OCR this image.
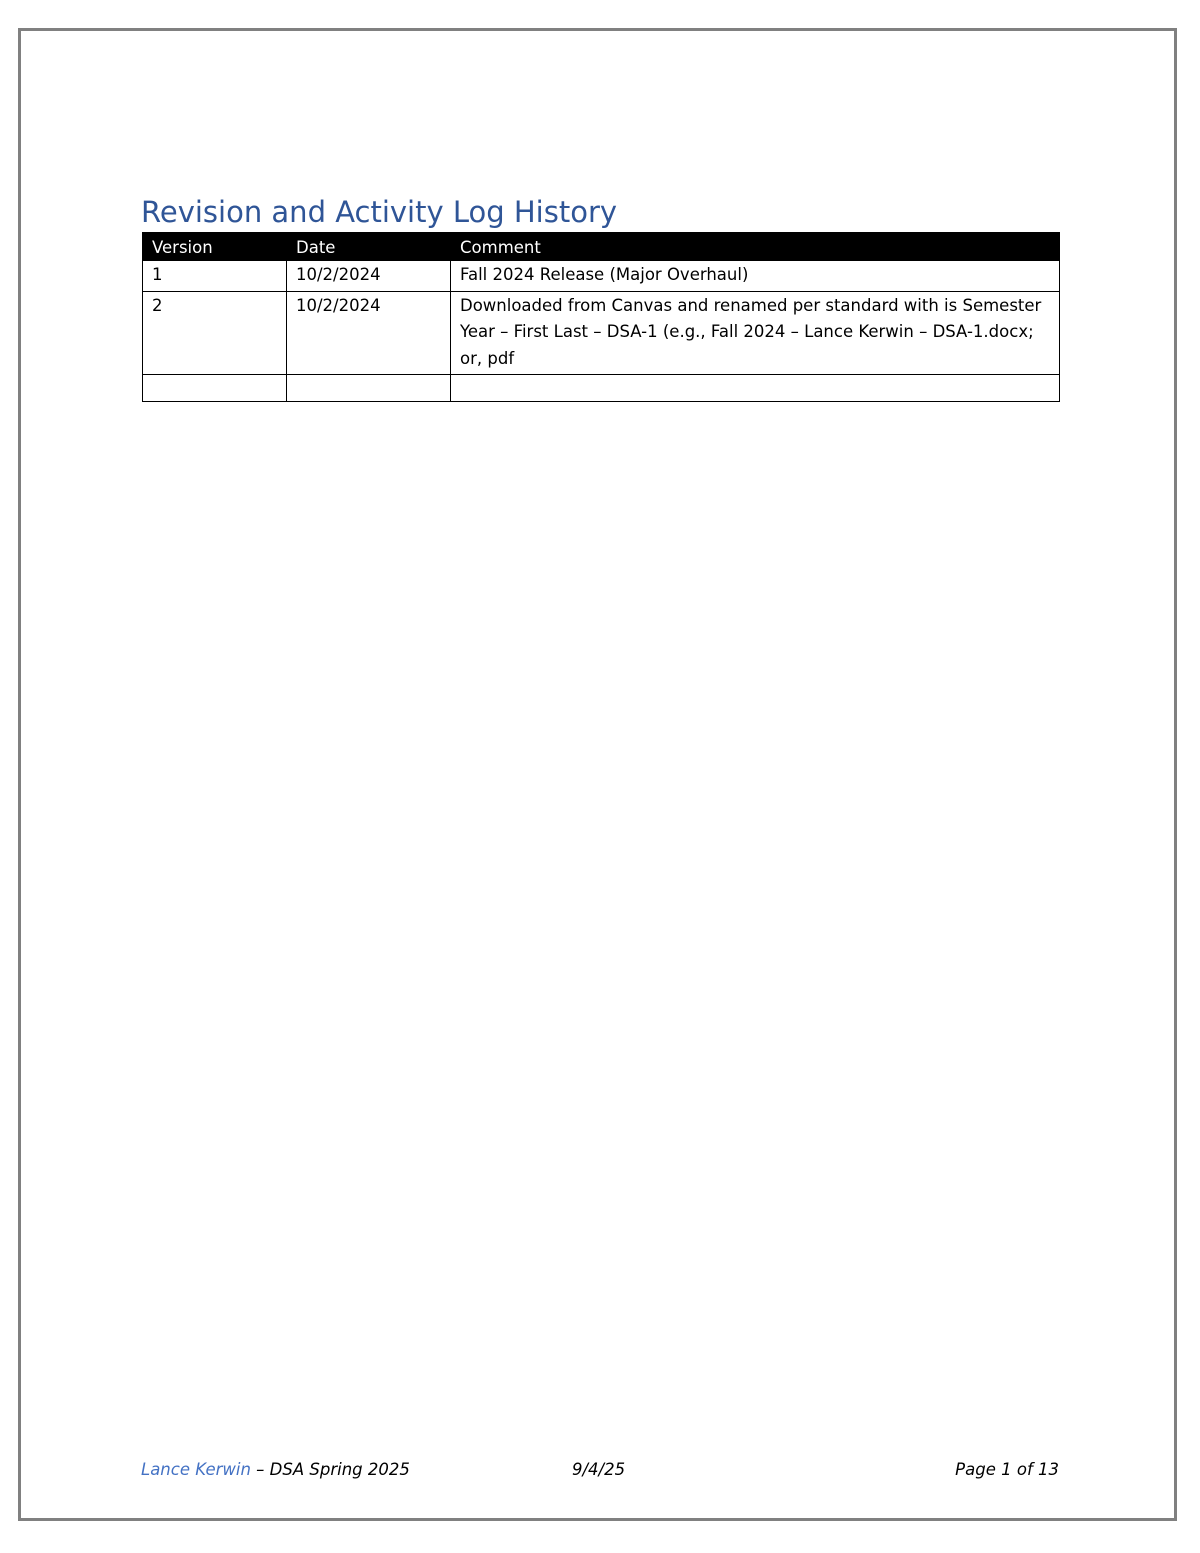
Revision and Activity Log History
Version	Date	Comment
1	10/2/2024	Fall 2024 Release (Major Overhaul)
2	10/2/2024	Downloaded from Canvas and renamed per standard with is Semester Year – First Last – DSA-1 (e.g., Fall 2024 – Lance Kerwin – DSA-1.docx; or, pdf

Lance Kerwin – DSA Spring 2025	9/4/25	Page 1 of 13
